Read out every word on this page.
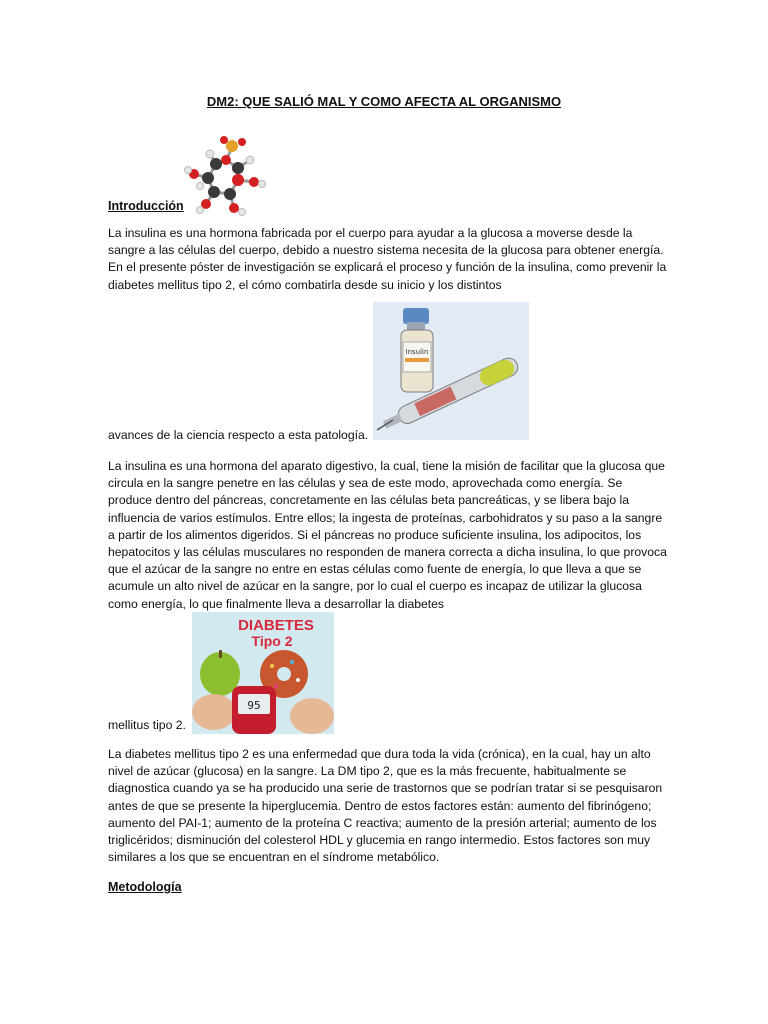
DM2: QUE SALIÓ MAL Y COMO AFECTA AL ORGANISMO
Introducción

La insulina es una hormona fabricada por el cuerpo para ayudar a la glucosa a moverse desde la sangre a las células del cuerpo, debido a nuestro sistema necesita de la glucosa para obtener energía. En el presente póster de investigación se explicará el proceso y función de la insulina, como prevenir la diabetes mellitus tipo 2, el cómo combatirla desde su inicio y los distintos

Insulin
avances de la ciencia respecto a esta patología.

La insulina es una hormona del aparato digestivo, la cual, tiene la misión de facilitar que la glucosa que circula en la sangre penetre en las células y sea de este modo, aprovechada como energía. Se produce dentro del páncreas, concretamente en las células beta pancreáticas, y se libera bajo la influencia de varios estímulos. Entre ellos; la ingesta de proteínas, carbohidratos y su paso a la sangre a partir de los alimentos digeridos. Si el páncreas no produce suficiente insulina, los adipocitos, los hepatocitos y las células musculares no responden de manera correcta a dicha insulina, lo que provoca que el azúcar de la sangre no entre en estas células como fuente de energía, lo que lleva a que se acumule un alto nivel de azúcar en la sangre, por lo cual el cuerpo es incapaz de utilizar la glucosa como energía, lo que finalmente lleva a desarrollar la diabetes

DIABETES
Tipo 2
95
mellitus tipo 2.

La diabetes mellitus tipo 2 es una enfermedad que dura toda la vida (crónica), en la cual, hay un alto nivel de azúcar (glucosa) en la sangre. La DM tipo 2, que es la más frecuente, habitualmente se diagnostica cuando ya se ha producido una serie de trastornos que se podrían tratar si se pesquisaron antes de que se presente la hiperglucemia. Dentro de estos factores están: aumento del fibrinógeno; aumento del PAI-1; aumento de la proteína C reactiva; aumento de la presión arterial; aumento de los triglicéridos; disminución del colesterol HDL y glucemia en rango intermedio. Estos factores son muy similares a los que se encuentran en el síndrome metabólico.

Metodología
